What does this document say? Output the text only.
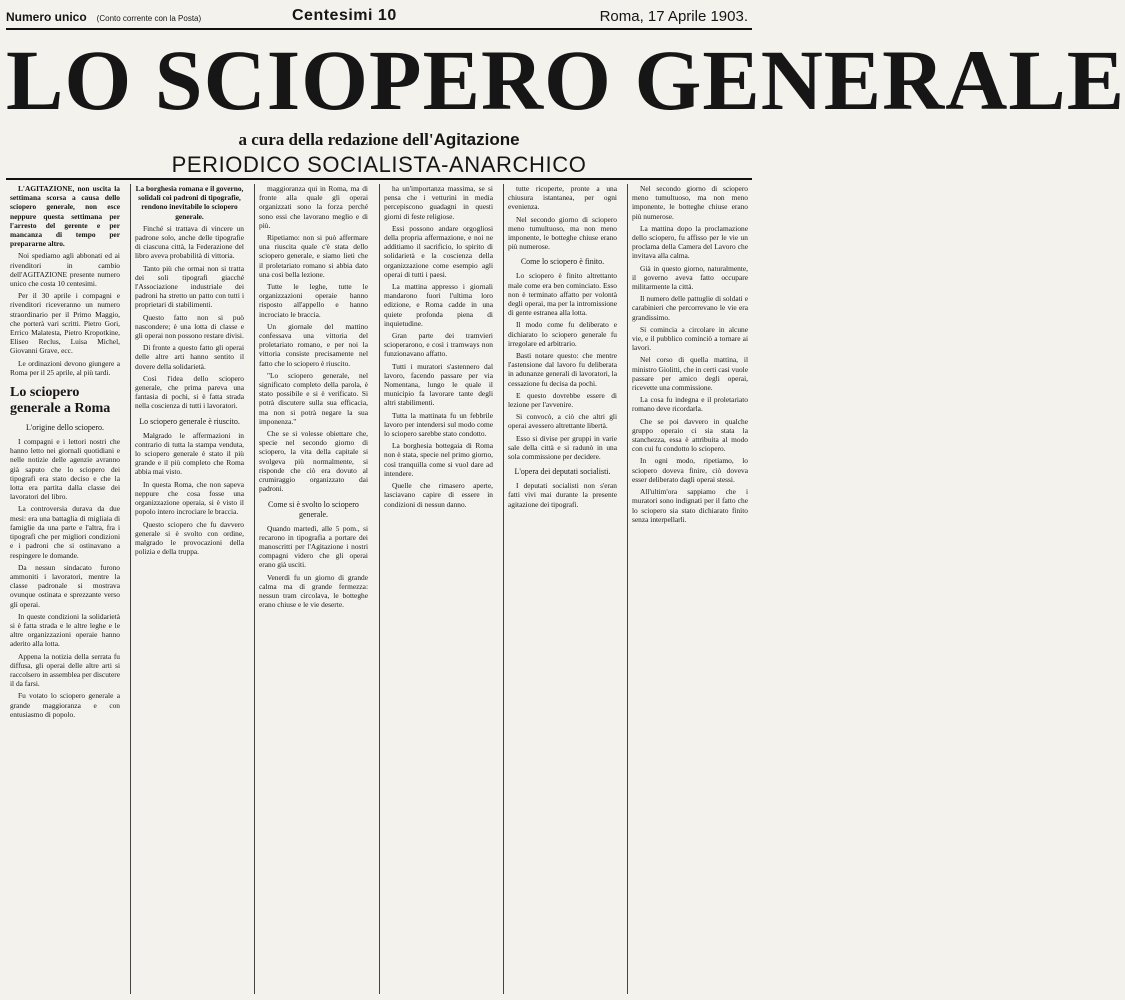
Numero unico (Conto corrente con la Posta)	Centesimi 10	Roma, 17 Aprile 1903.
LO SCIOPERO GENERALE
a cura della redazione dell'Agitazione
PERIODICO SOCIALISTA-ANARCHICO

L'AGITAZIONE, non uscita la settimana scorsa a causa dello sciopero generale, non esce neppure questa settimana per l'arresto del gerente e per mancanza di tempo per prepararne altro.

Noi spediamo agli abbonati ed ai rivenditori in cambio dell'AGITAZIONE presente numero unico che costa 10 centesimi.

Per il 30 aprile i compagni e rivenditori riceveranno un numero straordinario per il Primo Maggio, che porterà vari scritti. Pietro Gori, Errico Malatesta, Pietro Kropotkine, Eliseo Reclus, Luisa Michel, Giovanni Grave, ecc.

Le ordinazioni devono giungere a Roma per il 25 aprile, al più tardi.

Lo sciopero generale a Roma
L'origine dello sciopero.

I compagni e i lettori nostri che hanno letto nei giornali quotidiani e nelle notizie delle agenzie avranno già saputo che lo sciopero dei tipografi era stato deciso e che la lotta era partita dalla classe dei lavoratori del libro.

La controversia durava da due mesi: era una battaglia di migliaia di famiglie da una parte e l'altra, fra i tipografi che per migliori condizioni e i padroni che si ostinavano a respingere le domande.

Da nessun sindacato furono ammoniti i lavoratori, mentre la classe padronale si mostrava ovunque ostinata e sprezzante verso gli operai.

In queste condizioni la solidarietà si è fatta strada e le altre leghe e le altre organizzazioni operaie hanno aderito alla lotta.

Appena la notizia della serrata fu diffusa, gli operai delle altre arti si raccolsero in assemblea per discutere il da farsi.

Fu votato lo sciopero generale a grande maggioranza e con entusiasmo di popolo.

La borghesia romana e il governo, solidali coi padroni di tipografie, rendono inevitabile lo sciopero generale.

Finché si trattava di vincere un padrone solo, anche delle tipografie di ciascuna città, la Federazione del libro aveva probabilità di vittoria.

Tanto più che ormai non si tratta dei soli tipografi giacché l'Associazione industriale dei padroni ha stretto un patto con tutti i proprietari di stabilimenti.

Questo fatto non si può nascondere; è una lotta di classe e gli operai non possono restare divisi.

Di fronte a questo fatto gli operai delle altre arti hanno sentito il dovere della solidarietà.

Così l'idea dello sciopero generale, che prima pareva una fantasia di pochi, si è fatta strada nella coscienza di tutti i lavoratori.

Lo sciopero generale è riuscito.

Malgrado le affermazioni in contrario di tutta la stampa venduta, lo sciopero generale è stato il più grande e il più completo che Roma abbia mai visto.

In questa Roma, che non sapeva neppure che cosa fosse una organizzazione operaia, si è visto il popolo intero incrociare le braccia.

Questo sciopero che fu davvero generale si è svolto con ordine, malgrado le provocazioni della polizia e della truppa.

maggioranza qui in Roma, ma di fronte alla quale gli operai organizzati sono la forza perché sono essi che lavorano meglio e di più.

Ripetiamo: non si può affermare una riuscita quale c'è stata dello sciopero generale, e siamo lieti che il proletariato romano si abbia dato una così bella lezione.

Tutte le leghe, tutte le organizzazioni operaie hanno risposto all'appello e hanno incrociato le braccia.

Un giornale del mattino confessava una vittoria del proletariato romano, e per noi la vittoria consiste precisamente nel fatto che lo sciopero è riuscito.

"Lo sciopero generale, nel significato completo della parola, è stato possibile e si è verificato. Si potrà discutere sulla sua efficacia, ma non si potrà negare la sua imponenza."

Che se si volesse obiettare che, specie nel secondo giorno di sciopero, la vita della capitale si svolgeva più normalmente, si risponde che ciò era dovuto al crumiraggio organizzato dai padroni.

Come si è svolto lo sciopero generale.

Quando martedì, alle 5 pom., si recarono in tipografia a portare dei manoscritti per l'Agitazione i nostri compagni videro che gli operai erano già usciti.

Venerdì fu un giorno di grande calma ma di grande fermezza: nessun tram circolava, le botteghe erano chiuse e le vie deserte.

ha un'importanza massima, se si pensa che i vetturini in media percepiscono guadagni in questi giorni di feste religiose.

Essi possono andare orgogliosi della propria affermazione, e noi ne additiamo il sacrificio, lo spirito di solidarietà e la coscienza della organizzazione come esempio agli operai di tutti i paesi.

La mattina appresso i giornali mandarono fuori l'ultima loro edizione, e Roma cadde in una quiete profonda piena di inquietudine.

Gran parte dei tramvieri scioperarono, e così i tramways non funzionavano affatto.

Tutti i muratori s'astennero dal lavoro, facendo passare per via Nomentana, lungo le quale il municipio fa lavorare tante degli altri stabilimenti.

Tutta la mattinata fu un febbrile lavoro per intendersi sul modo come lo sciopero sarebbe stato condotto.

La borghesia bottegaia di Roma non è stata, specie nel primo giorno, così tranquilla come si vuol dare ad intendere.

Quelle che rimasero aperte, lasciavano capire di essere in condizioni di nessun danno.

tutte ricoperte, pronte a una chiusura istantanea, per ogni evenienza.

Nel secondo giorno di sciopero meno tumultuoso, ma non meno imponente, le botteghe chiuse erano più numerose.

Come lo sciopero è finito.

Lo sciopero è finito altrettanto male come era ben cominciato. Esso non è terminato affatto per volontà degli operai, ma per la intromissione di gente estranea alla lotta.

Il modo come fu deliberato e dichiarato lo sciopero generale fu irregolare ed arbitrario.

Basti notare questo: che mentre l'astensione dal lavoro fu deliberata in adunanze generali di lavoratori, la cessazione fu decisa da pochi.

E questo dovrebbe essere di lezione per l'avvenire.

Si convocò, a ciò che altri gli operai avessero altrettante libertà.

Esso si divise per gruppi in varie sale della città e si radunò in una sola commissione per decidere.

L'opera dei deputati socialisti.

I deputati socialisti non s'eran fatti vivi mai durante la presente agitazione dei tipografi.

Nel secondo giorno di sciopero meno tumultuoso, ma non meno imponente, le botteghe chiuse erano più numerose.

La mattina dopo la proclamazione dello sciopero, fu affisso per le vie un proclama della Camera del Lavoro che invitava alla calma.

Già in questo giorno, naturalmente, il governo aveva fatto occupare militarmente la città.

Il numero delle pattuglie di soldati e carabinieri che percorrevano le vie era grandissimo.

Si comincia a circolare in alcune vie, e il pubblico cominciò a tornare ai lavori.

Nel corso di quella mattina, il ministro Giolitti, che in certi casi vuole passare per amico degli operai, ricevette una commissione.

La cosa fu indegna e il proletariato romano deve ricordarla.

Che se poi davvero in qualche gruppo operaio ci sia stata la stanchezza, essa è attribuita al modo con cui fu condotto lo sciopero.

In ogni modo, ripetiamo, lo sciopero doveva finire, ciò doveva esser deliberato dagli operai stessi.

All'ultim'ora sappiamo che i muratori sono indignati per il fatto che lo sciopero sia stato dichiarato finito senza interpellarli.
